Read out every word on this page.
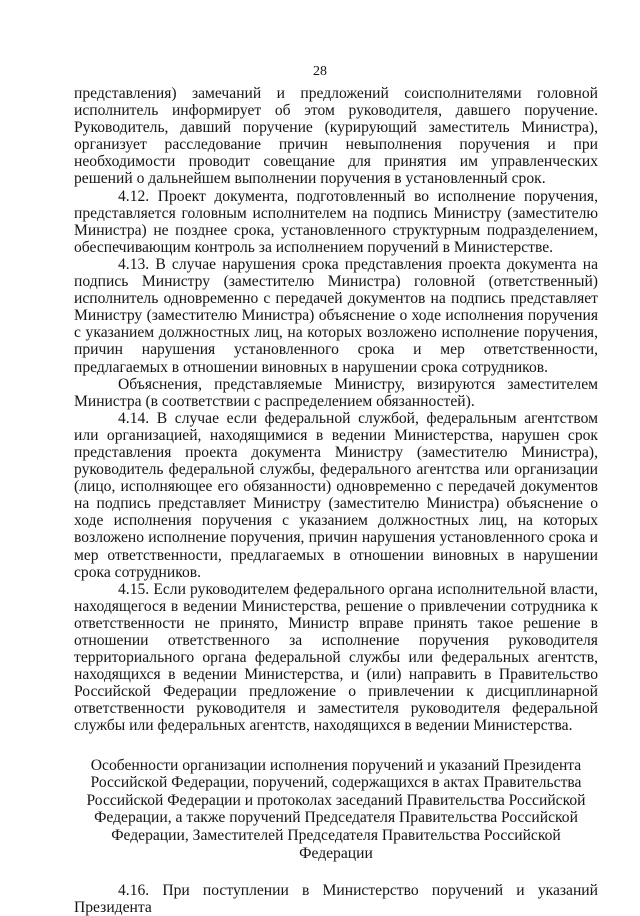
28

представления) замечаний и предложений соисполнителями головной исполнитель информирует об этом руководителя, давшего поручение. Руководитель, давший поручение (курирующий заместитель Министра), организует расследование причин невыполнения поручения и при необходимости проводит совещание для принятия им управленческих решений о дальнейшем выполнении поручения в установленный срок.

4.12. Проект документа, подготовленный во исполнение поручения, представляется головным исполнителем на подпись Министру (заместителю Министра) не позднее срока, установленного структурным подразделением, обеспечивающим контроль за исполнением поручений в Министерстве.

4.13. В случае нарушения срока представления проекта документа на подпись Министру (заместителю Министра) головной (ответственный) исполнитель одновременно с передачей документов на подпись представляет Министру (заместителю Министра) объяснение о ходе исполнения поручения с указанием должностных лиц, на которых возложено исполнение поручения, причин нарушения установленного срока и мер ответственности, предлагаемых в отношении виновных в нарушении срока сотрудников.

Объяснения, представляемые Министру, визируются заместителем Министра (в соответствии с распределением обязанностей).

4.14. В случае если федеральной службой, федеральным агентством или организацией, находящимися в ведении Министерства, нарушен срок представления проекта документа Министру (заместителю Министра), руководитель федеральной службы, федерального агентства или организации (лицо, исполняющее его обязанности) одновременно с передачей документов на подпись представляет Министру (заместителю Министра) объяснение о ходе исполнения поручения с указанием должностных лиц, на которых возложено исполнение поручения, причин нарушения установленного срока и мер ответственности, предлагаемых в отношении виновных в нарушении срока сотрудников.

4.15. Если руководителем федерального органа исполнительной власти, находящегося в ведении Министерства, решение о привлечении сотрудника к ответственности не принято, Министр вправе принять такое решение в отношении ответственного за исполнение поручения руководителя территориального органа федеральной службы или федеральных агентств, находящихся в ведении Министерства, и (или) направить в Правительство Российской Федерации предложение о привлечении к дисциплинарной ответственности руководителя и заместителя руководителя федеральной службы или федеральных агентств, находящихся в ведении Министерства.

Особенности организации исполнения поручений и указаний Президента Российской Федерации, поручений, содержащихся в актах Правительства Российской Федерации и протоколах заседаний Правительства Российской Федерации, а также поручений Председателя Правительства Российской Федерации, Заместителей Председателя Правительства Российской Федерации

4.16. При поступлении в Министерство поручений и указаний Президента
